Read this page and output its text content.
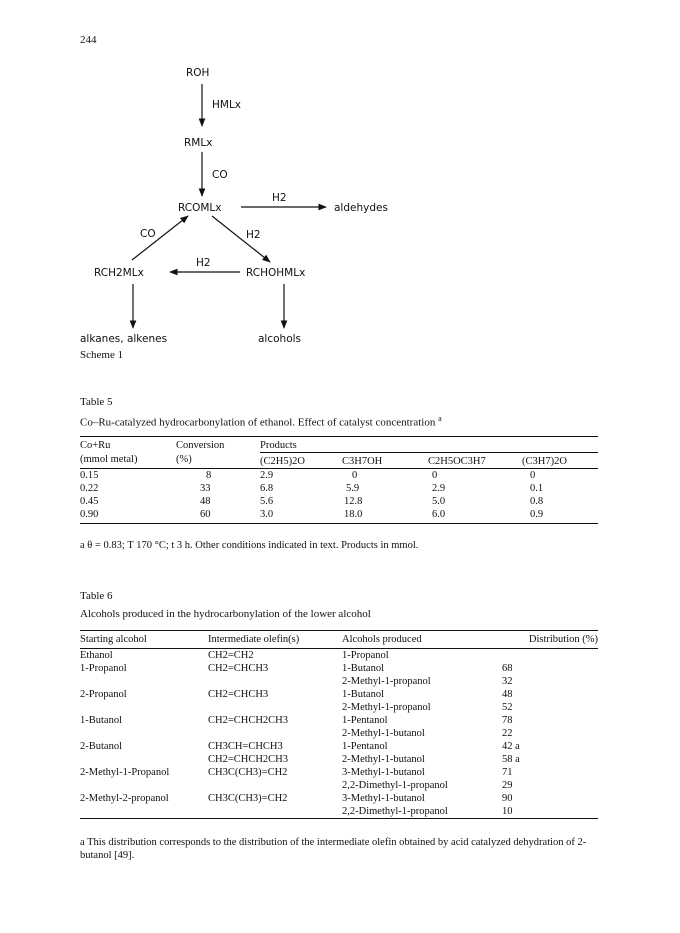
244
ROH
HMLx
RMLx
CO
RCOMLx
H2
aldehydes
CO	H2
H2
RCH2MLx	RCHOHMLx
alkanes, alkenes	alcohols
Scheme 1
Table 5
Co–Ru-catalyzed hydrocarbonylation of ethanol. Effect of catalyst concentration $^a$
Co+Ru	Conversion	Products			
(mmol metal)	(%)	(C2H5)2O	C3H7OH	C2H5OC3H7	(C3H7)2O
0.15	8	2.9	0	0	0
0.22	33	6.8	5.9	2.9	0.1
0.45	48	5.6	12.8	5.0	0.8
0.90	60	3.0	18.0	6.0	0.9
a θ = 0.83; T 170 °C; t 3 h. Other conditions indicated in text. Products in mmol.
Table 6
Alcohols produced in the hydrocarbonylation of the lower alcohol
Starting alcohol	Intermediate olefin(s)	Alcohols produced	Distribution (%)
Ethanol	CH2=CH2	1-Propanol	
1-Propanol	CH2=CHCH3	1-Butanol	68
		2-Methyl-1-propanol	32
2-Propanol	CH2=CHCH3	1-Butanol	48
		2-Methyl-1-propanol	52
1-Butanol	CH2=CHCH2CH3	1-Pentanol	78
		2-Methyl-1-butanol	22
2-Butanol	CH3CH=CHCH3	1-Pentanol	42 a
	CH2=CHCH2CH3	2-Methyl-1-butanol	58 a
2-Methyl-1-Propanol	CH3C(CH3)=CH2	3-Methyl-1-butanol	71
		2,2-Dimethyl-1-propanol	29
2-Methyl-2-propanol	CH3C(CH3)=CH2	3-Methyl-1-butanol	90
		2,2-Dimethyl-1-propanol	10
a This distribution corresponds to the distribution of the intermediate olefin obtained by acid catalyzed dehydration of 2-butanol [49].
